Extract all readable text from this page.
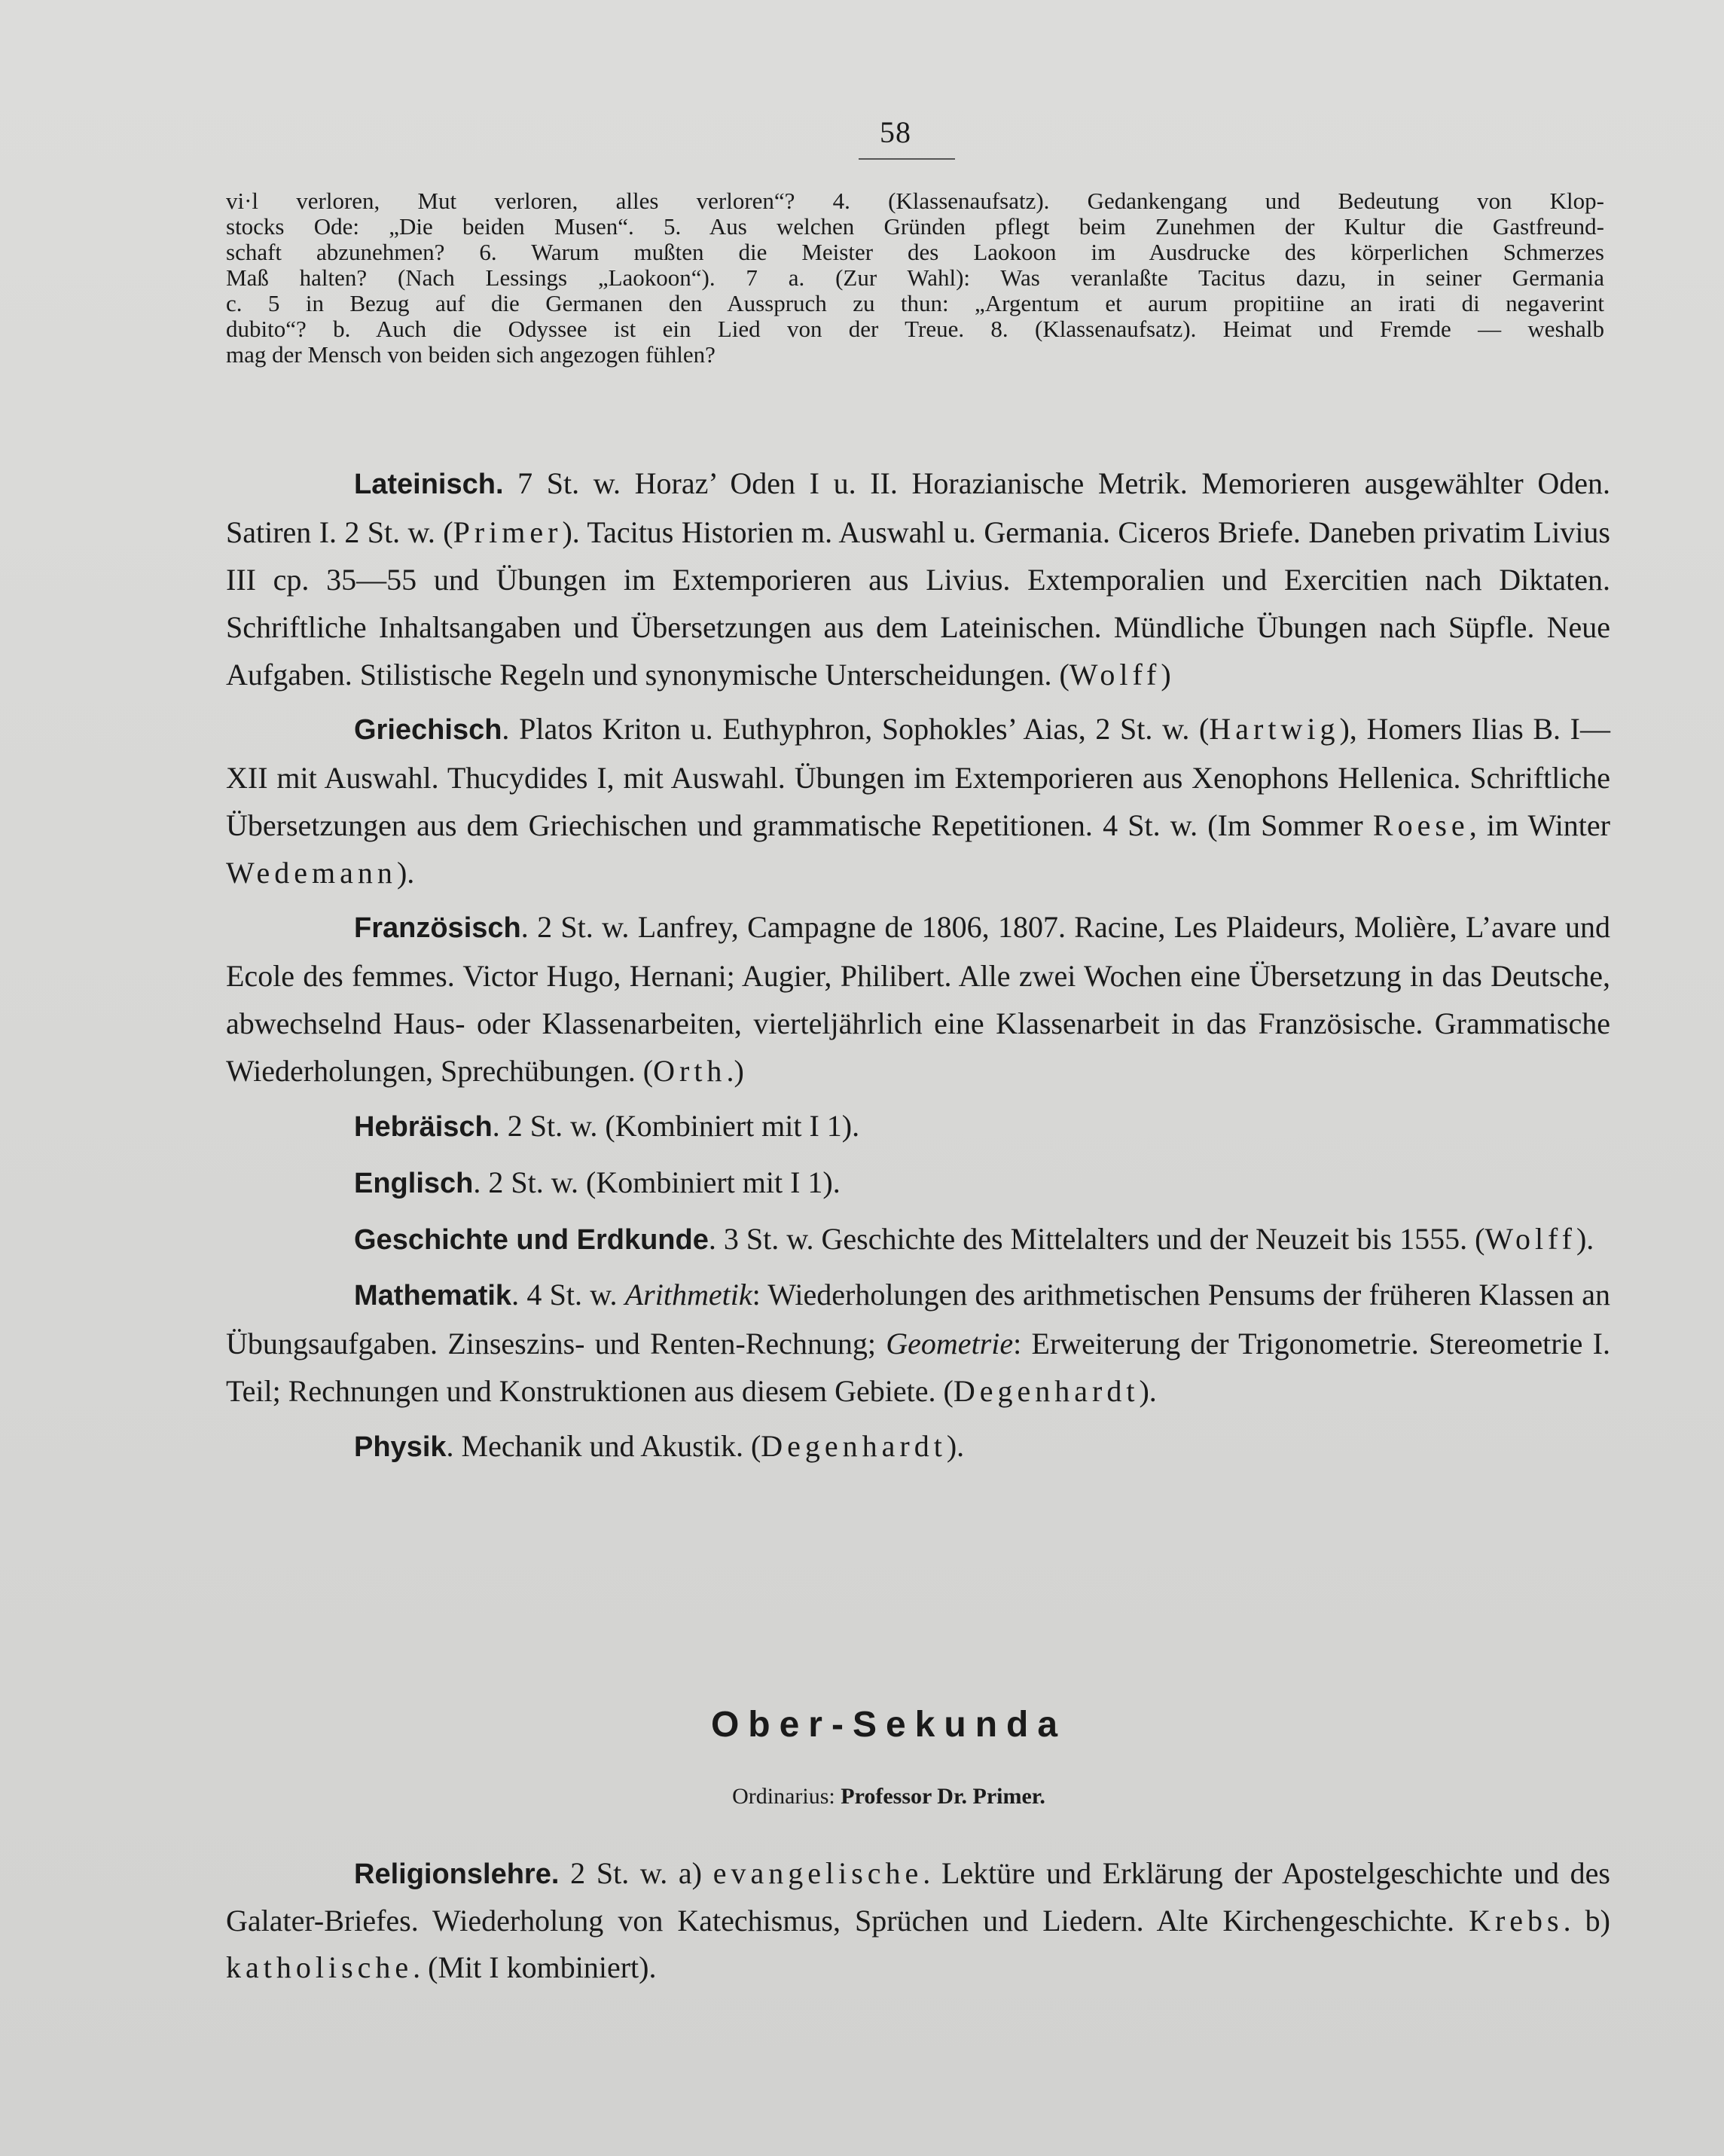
58

vi·l verloren, Mut verloren, alles verloren“? 4. (Klassenaufsatz). Gedankengang und Bedeutung von Klop-

stocks Ode: „Die beiden Musen“. 5. Aus welchen Gründen pflegt beim Zunehmen der Kultur die Gastfreund-

schaft abzunehmen? 6. Warum mußten die Meister des Laokoon im Ausdrucke des körperlichen Schmerzes

Maß halten? (Nach Lessings „Laokoon“). 7 a. (Zur Wahl): Was veranlaßte Tacitus dazu, in seiner Germania

c. 5 in Bezug auf die Germanen den Ausspruch zu thun: „Argentum et aurum propitiine an irati di negaverint

dubito“? b. Auch die Odyssee ist ein Lied von der Treue. 8. (Klassenaufsatz). Heimat und Fremde — weshalb

mag der Mensch von beiden sich angezogen fühlen?

Lateinisch. 7 St. w. Horaz’ Oden I u. II. Horazianische Metrik. Memorieren ausgewählter Oden. Satiren I. 2 St. w. (Primer). Tacitus Historien m. Auswahl u. Germania. Ciceros Briefe. Daneben privatim Livius III cp. 35—55 und Übungen im Extemporieren aus Livius. Extemporalien und Exercitien nach Diktaten. Schriftliche Inhaltsangaben und Übersetzungen aus dem Lateinischen. Mündliche Übungen nach Süpfle. Neue Aufgaben. Stilistische Regeln und synonymische Unterscheidungen. (Wolff)

Griechisch. Platos Kriton u. Euthyphron, Sophokles’ Aias, 2 St. w. (Hartwig), Homers Ilias B. I—XII mit Auswahl. Thucydides I, mit Auswahl. Übungen im Extemporieren aus Xenophons Hellenica. Schriftliche Übersetzungen aus dem Griechischen und grammatische Repetitionen. 4 St. w. (Im Sommer Roese, im Winter Wedemann).

Französisch. 2 St. w. Lanfrey, Campagne de 1806, 1807. Racine, Les Plaideurs, Molière, L’avare und Ecole des femmes. Victor Hugo, Hernani; Augier, Philibert. Alle zwei Wochen eine Übersetzung in das Deutsche, abwechselnd Haus- oder Klassenarbeiten, vierteljährlich eine Klassenarbeit in das Französische. Grammatische Wiederholungen, Sprechübungen. (Orth.)

Hebräisch. 2 St. w. (Kombiniert mit I 1).

Englisch. 2 St. w. (Kombiniert mit I 1).

Geschichte und Erdkunde. 3 St. w. Geschichte des Mittelalters und der Neuzeit bis 1555. (Wolff).

Mathematik. 4 St. w. Arithmetik: Wiederholungen des arithmetischen Pensums der früheren Klassen an Übungsaufgaben. Zinseszins- und Renten-Rechnung; Geometrie: Erweiterung der Trigonometrie. Stereometrie I. Teil; Rechnungen und Konstruktionen aus diesem Gebiete. (Degenhardt).

Physik. Mechanik und Akustik. (Degenhardt).

Ober-Sekunda
Ordinarius: Professor Dr. Primer.

Religionslehre. 2 St. w. a) evangelische. Lektüre und Erklärung der Apostelgeschichte und des Galater-Briefes. Wiederholung von Katechismus, Sprüchen und Liedern. Alte Kirchengeschichte. Krebs. b) katholische. (Mit I kombiniert).
